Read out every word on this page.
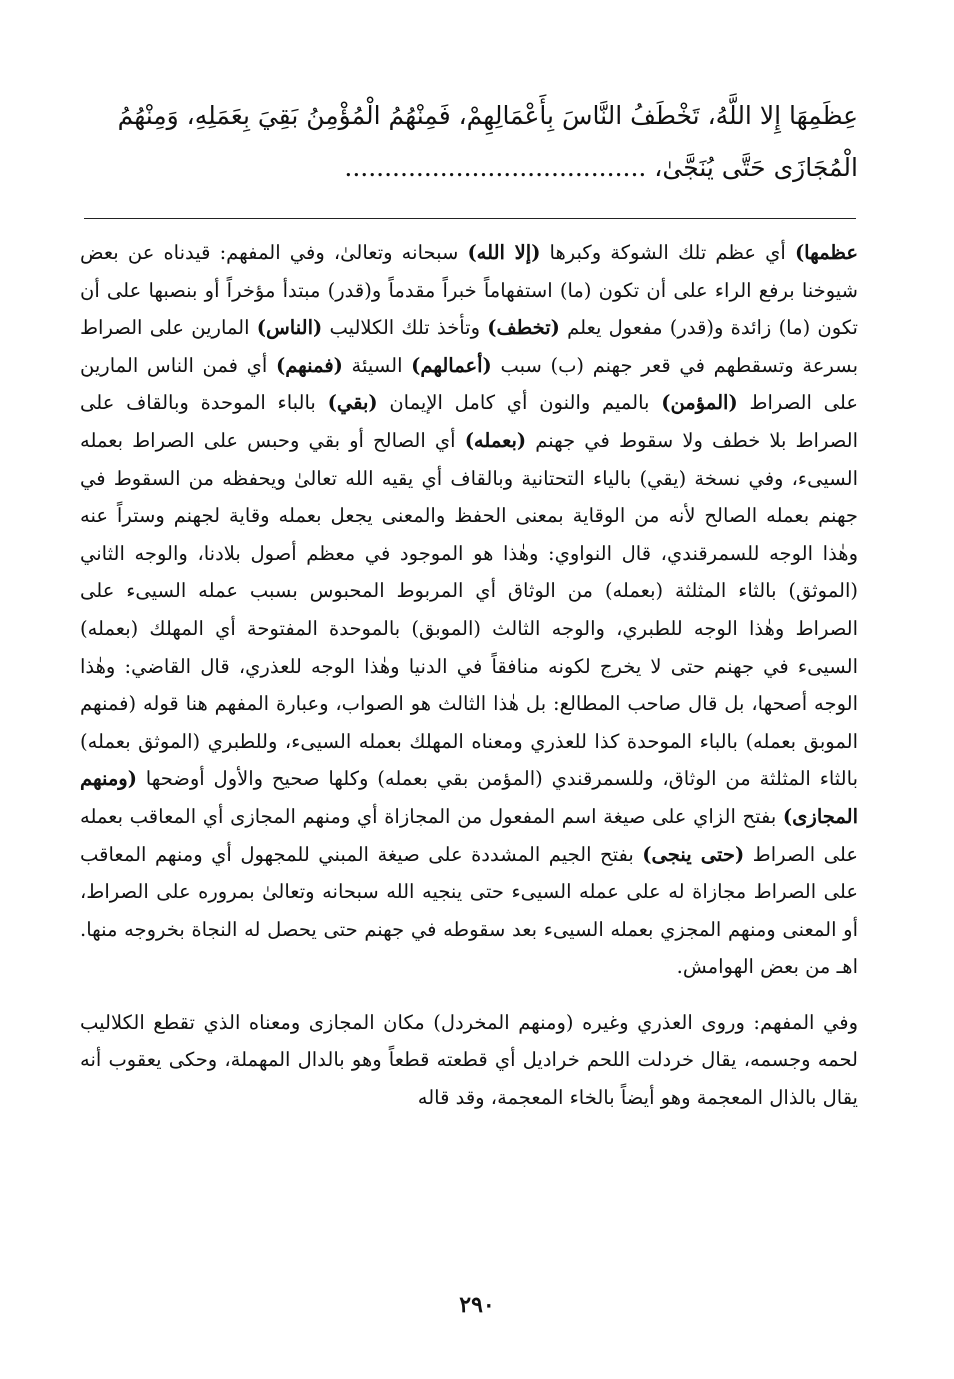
عِظَمِهَا إِلا اللَّهُ، تَخْطَفُ النَّاسَ بِأَعْمَالِهِمْ، فَمِنْهُمُ الْمُؤْمِنُ بَقِيَ بِعَمَلِهِ، وَمِنْهُمُ
الْمُجَازَى حَتَّى يُنَجَّىٰ، ......................................

عظمها) أي عظم تلك الشوكة وكبرها (إلا الله) سبحانه وتعالىٰ، وفي المفهم: قيدناه عن بعض شيوخنا برفع الراء على أن تكون (ما) استفهاماً خبراً مقدماً و(قدر) مبتدأ مؤخراً أو بنصبها على أن تكون (ما) زائدة و(قدر) مفعول يعلم (تخطف) وتأخذ تلك الكلاليب (الناس) المارين على الصراط بسرعة وتسقطهم في قعر جهنم (ب) سبب (أعمالهم) السيئة (فمنهم) أي فمن الناس المارين على الصراط (المؤمن) بالميم والنون أي كامل الإيمان (بقي) بالباء الموحدة وبالقاف على الصراط بلا خطف ولا سقوط في جهنم (بعمله) أي الصالح أو بقي وحبس على الصراط بعمله السيىء، وفي نسخة (يقي) بالياء التحتانية وبالقاف أي يقيه الله تعالىٰ ويحفظه من السقوط في جهنم بعمله الصالح لأنه من الوقاية بمعنى الحفظ والمعنى يجعل بعمله وقاية لجهنم وستراً عنه وهٰذا الوجه للسمرقندي، قال النواوي: وهٰذا هو الموجود في معظم أصول بلادنا، والوجه الثاني (الموثق) بالثاء المثلثة (بعمله) من الوثاق أي المربوط المحبوس بسبب عمله السيىء على الصراط وهٰذا الوجه للطبري، والوجه الثالث (الموبق) بالموحدة المفتوحة أي المهلك (بعمله) السيىء في جهنم حتى لا يخرج لكونه منافقاً في الدنيا وهٰذا الوجه للعذري، قال القاضي: وهٰذا الوجه أصحها، بل قال صاحب المطالع: بل هٰذا الثالث هو الصواب، وعبارة المفهم هنا قوله (فمنهم الموبق بعمله) بالباء الموحدة كذا للعذري ومعناه المهلك بعمله السيىء، وللطبري (الموثق بعمله) بالثاء المثلثة من الوثاق، وللسمرقندي (المؤمن بقي بعمله) وكلها صحيح والأول أوضحها (ومنهم المجازى) بفتح الزاي على صيغة اسم المفعول من المجازاة أي ومنهم المجازى أي المعاقب بعمله على الصراط (حتى ينجى) بفتح الجيم المشددة على صيغة المبني للمجهول أي ومنهم المعاقب على الصراط مجازاة له على عمله السيىء حتى ينجيه الله سبحانه وتعالىٰ بمروره على الصراط، أو المعنى ومنهم المجزي بعمله السيىء بعد سقوطه في جهنم حتى يحصل له النجاة بخروجه منها. اهـ من بعض الهوامش.

وفي المفهم: وروى العذري وغيره (ومنهم المخردل) مكان المجازى ومعناه الذي تقطع الكلاليب لحمه وجسمه، يقال خردلت اللحم خراديل أي قطعته قطعاً وهو بالدال المهملة، وحكى يعقوب أنه يقال بالذال المعجمة وهو أيضاً بالخاء المعجمة، وقد قاله

٢٩٠
